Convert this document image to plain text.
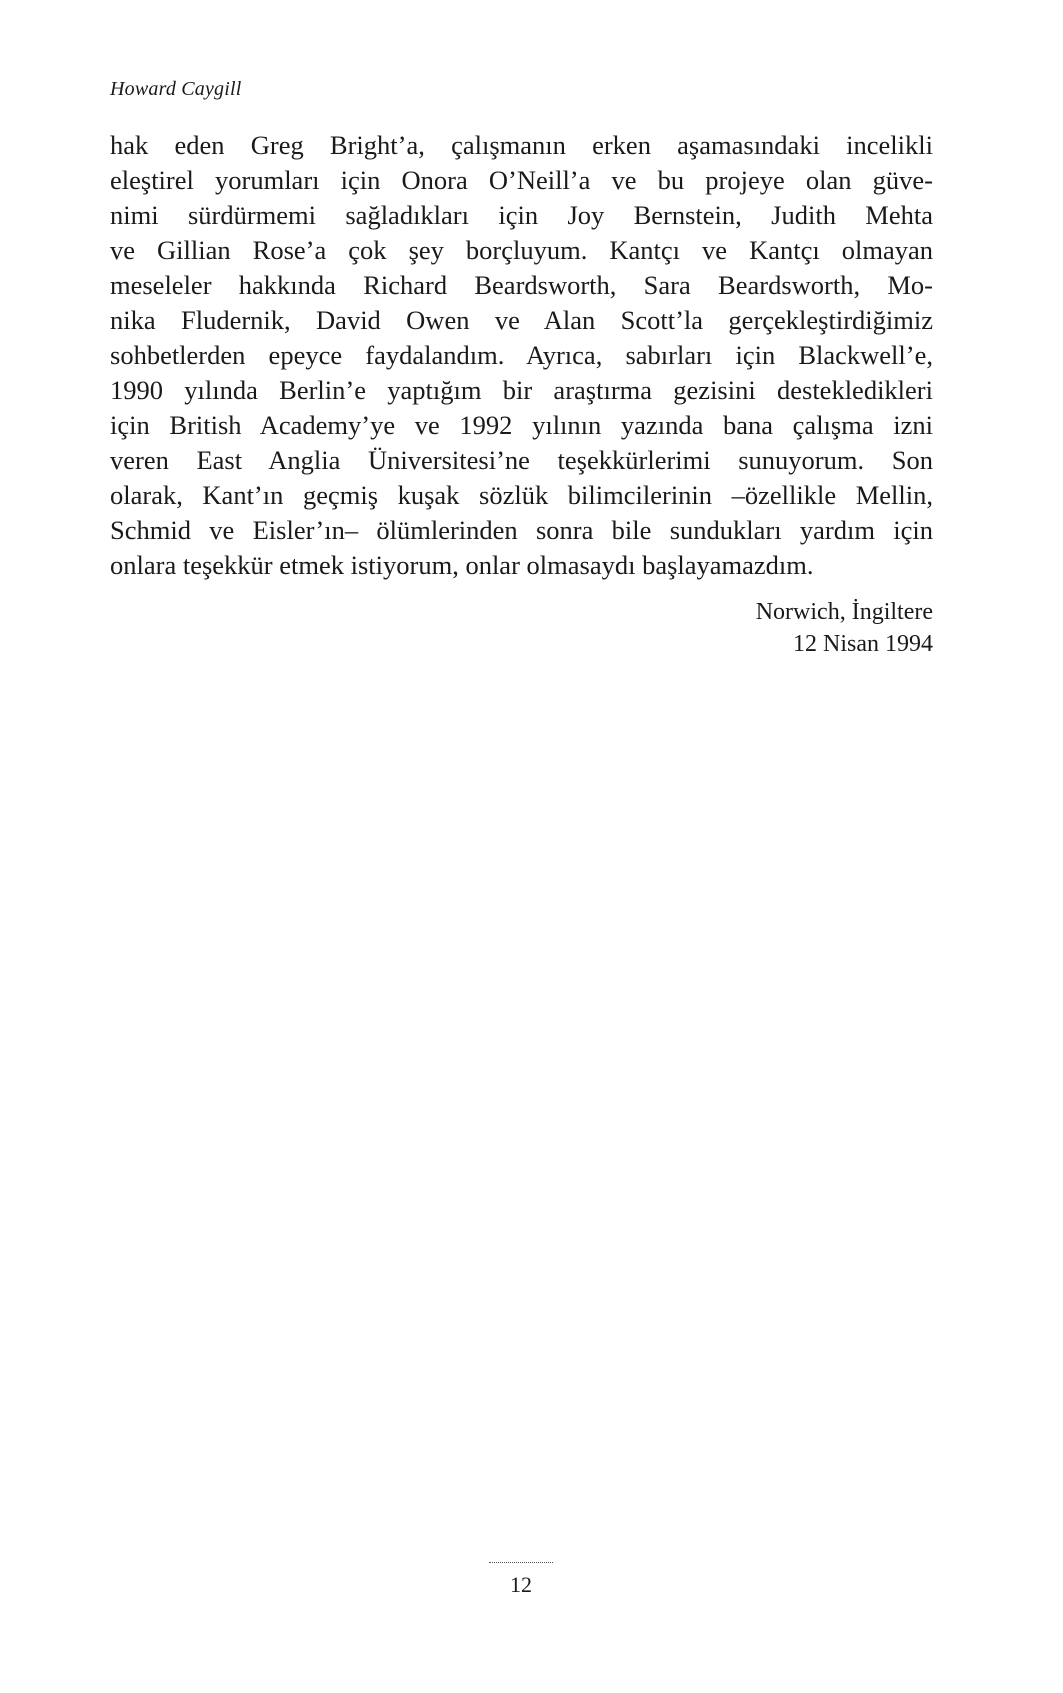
Howard Caygill
hak eden Greg Bright’a, çalışmanın erken aşamasındaki incelikli
eleştirel yorumları için Onora O’Neill’a ve bu projeye olan güve-
nimi sürdürmemi sağladıkları için Joy Bernstein, Judith Mehta
ve Gillian Rose’a çok şey borçluyum. Kantçı ve Kantçı olmayan
meseleler hakkında Richard Beardsworth, Sara Beardsworth, Mo-
nika Fludernik, David Owen ve Alan Scott’la gerçekleştirdiğimiz
sohbetlerden epeyce faydalandım. Ayrıca, sabırları için Blackwell’e,
1990 yılında Berlin’e yaptığım bir araştırma gezisini destekledikleri
için British Academy’ye ve 1992 yılının yazında bana çalışma izni
veren East Anglia Üniversitesi’ne teşekkürlerimi sunuyorum. Son
olarak, Kant’ın geçmiş kuşak sözlük bilimcilerinin –özellikle Mellin,
Schmid ve Eisler’ın– ölümlerinden sonra bile sundukları yardım için
onlara teşekkür etmek istiyorum, onlar olmasaydı başlayamazdım.
Norwich, İngiltere
12 Nisan 1994
12
